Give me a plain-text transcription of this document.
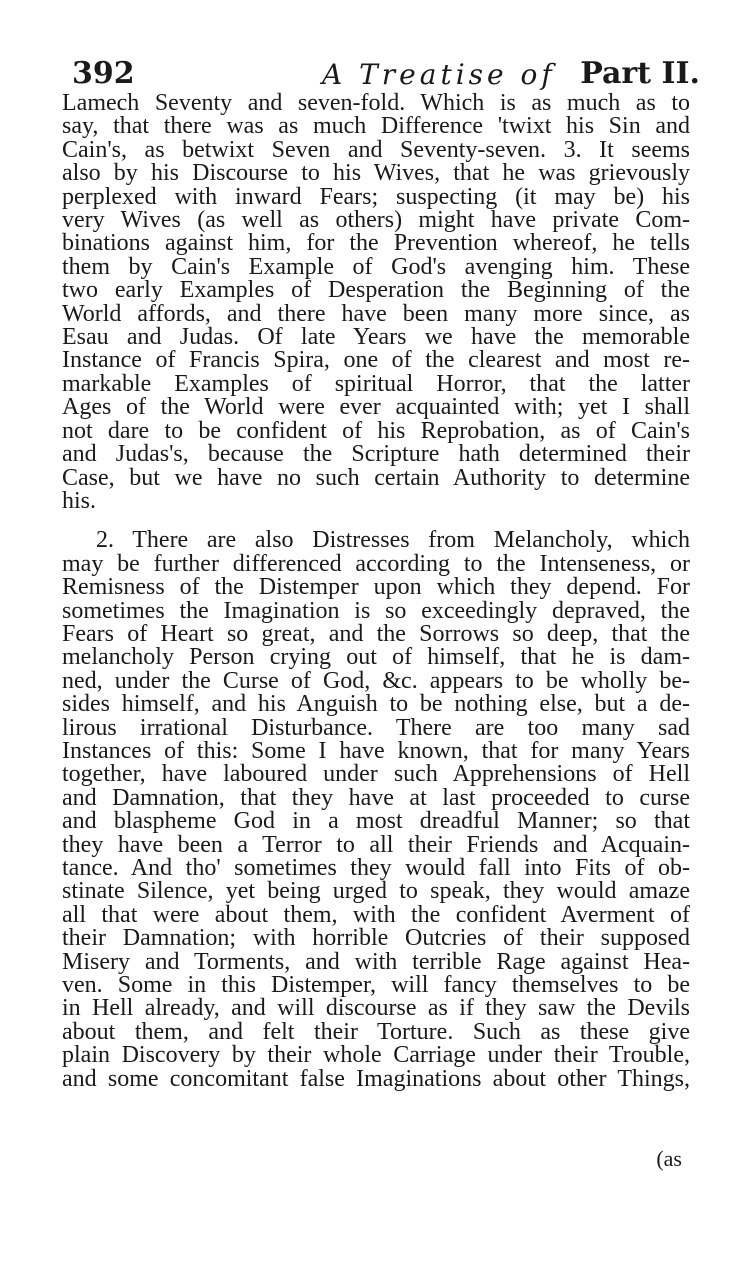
392	A Treatise of Part II.

Lamech Seventy and seven-fold. Which is as much as to
say, that there was as much Difference 'twixt his Sin and
Cain's, as betwixt Seven and Seventy-seven. 3. It seems
also by his Discourse to his Wives, that he was grievously
perplexed with inward Fears; suspecting (it may be) his
very Wives (as well as others) might have private Com-
binations against him, for the Prevention whereof, he tells
them by Cain's Example of God's avenging him. These
two early Examples of Desperation the Beginning of the
World affords, and there have been many more since, as
Esau and Judas. Of late Years we have the memorable
Instance of Francis Spira, one of the clearest and most re-
markable Examples of spiritual Horror, that the latter
Ages of the World were ever acquainted with; yet I shall
not dare to be confident of his Reprobation, as of Cain's
and Judas's, because the Scripture hath determined their
Case, but we have no such certain Authority to determine
his.

2. There are also Distresses from Melancholy, which
may be further differenced according to the Intenseness, or
Remisness of the Distemper upon which they depend. For
sometimes the Imagination is so exceedingly depraved, the
Fears of Heart so great, and the Sorrows so deep, that the
melancholy Person crying out of himself, that he is dam-
ned, under the Curse of God, &c. appears to be wholly be-
sides himself, and his Anguish to be nothing else, but a de-
lirous irrational Disturbance. There are too many sad
Instances of this: Some I have known, that for many Years
together, have laboured under such Apprehensions of Hell
and Damnation, that they have at last proceeded to curse
and blaspheme God in a most dreadful Manner; so that
they have been a Terror to all their Friends and Acquain-
tance. And tho' sometimes they would fall into Fits of ob-
stinate Silence, yet being urged to speak, they would amaze
all that were about them, with the confident Averment of
their Damnation; with horrible Outcries of their supposed
Misery and Torments, and with terrible Rage against Hea-
ven. Some in this Distemper, will fancy themselves to be
in Hell already, and will discourse as if they saw the Devils
about them, and felt their Torture. Such as these give
plain Discovery by their whole Carriage under their Trouble,
and some concomitant false Imaginations about other Things,

(as
